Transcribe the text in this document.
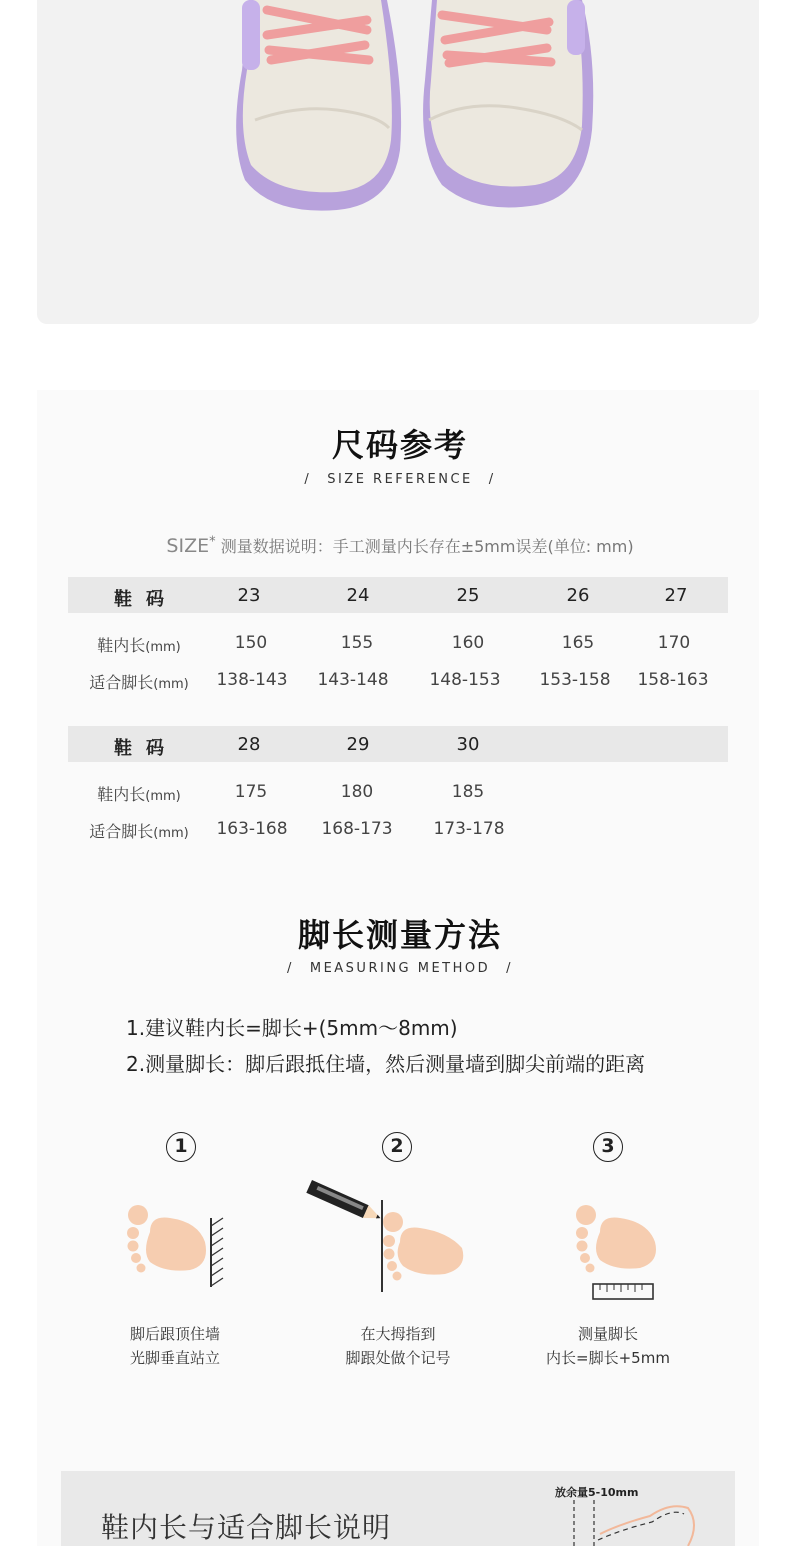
尺码参考
/ SIZE REFERENCE /
SIZE* 测量数据说明：手工测量内长存在±5mm误差(单位: mm)
鞋码	23	24	25	26	27
鞋内长(mm)	150	155	160	165	170
适合脚长(mm) 138-143 143-148 148-153 153-158 158-163
鞋码	28	29	30
鞋内长(mm)	175	180	185
适合脚长(mm) 163-168 168-173 173-178
脚长测量方法
/ MEASURING METHOD /
1.建议鞋内长=脚长+(5mm～8mm)
2.测量脚长：脚后跟抵住墙，然后测量墙到脚尖前端的距离
1	2	3
脚后跟顶住墙
光脚垂直站立
在大拇指到
脚跟处做个记号
测量脚长
内长=脚长+5mm
鞋内长与适合脚长说明
放余量5-10mm
